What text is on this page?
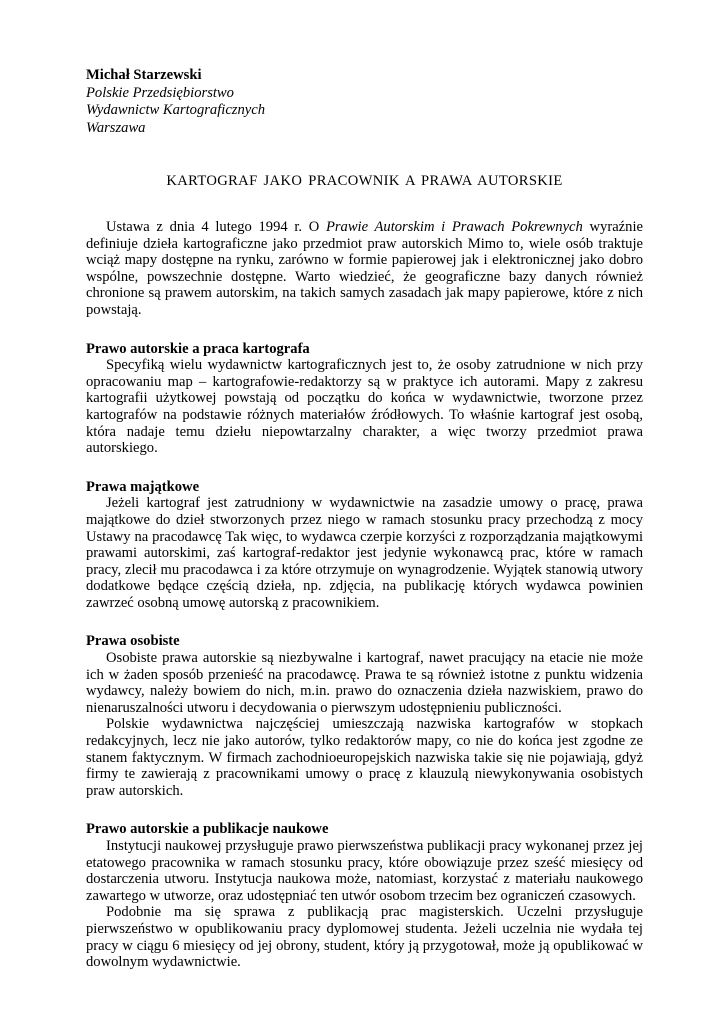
Michał Starzewski
Polskie Przedsiębiorstwo
Wydawnictw Kartograficznych
Warszawa
KARTOGRAF JAKO PRACOWNIK A PRAWA AUTORSKIE

Ustawa z dnia 4 lutego 1994 r. O Prawie Autorskim i Prawach Pokrewnych wyraźnie definiuje dzieła kartograficzne jako przedmiot praw autorskich Mimo to, wiele osób traktuje wciąż mapy dostępne na rynku, zarówno w formie papierowej jak i elektronicznej jako dobro wspólne, powszechnie dostępne. Warto wiedzieć, że geograficzne bazy danych również chronione są prawem autorskim, na takich samych zasadach jak mapy papierowe, które z nich powstają.

Prawo autorskie a praca kartografa

Specyfiką wielu wydawnictw kartograficznych jest to, że osoby zatrudnione w nich przy opracowaniu map – kartografowie-redaktorzy są w praktyce ich autorami. Mapy z zakresu kartografii użytkowej powstają od początku do końca w wydawnictwie, tworzone przez kartografów na podstawie różnych materiałów źródłowych. To właśnie kartograf jest osobą, która nadaje temu dziełu niepowtarzalny charakter, a więc tworzy przedmiot prawa autorskiego.

Prawa majątkowe

Jeżeli kartograf jest zatrudniony w wydawnictwie na zasadzie umowy o pracę, prawa majątkowe do dzieł stworzonych przez niego w ramach stosunku pracy przechodzą z mocy Ustawy na pracodawcę Tak więc, to wydawca czerpie korzyści z rozporządzania majątkowymi prawami autorskimi, zaś kartograf-redaktor jest jedynie wykonawcą prac, które w ramach pracy, zlecił mu pracodawca i za które otrzymuje on wynagrodzenie. Wyjątek stanowią utwory dodatkowe będące częścią dzieła, np. zdjęcia, na publikację których wydawca powinien zawrzeć osobną umowę autorską z pracownikiem.

Prawa osobiste

Osobiste prawa autorskie są niezbywalne i kartograf, nawet pracujący na etacie nie może ich w żaden sposób przenieść na pracodawcę. Prawa te są również istotne z punktu widzenia wydawcy, należy bowiem do nich, m.in. prawo do oznaczenia dzieła nazwiskiem, prawo do nienaruszalności utworu i decydowania o pierwszym udostępnieniu publiczności.

Polskie wydawnictwa najczęściej umieszczają nazwiska kartografów w stopkach redakcyjnych, lecz nie jako autorów, tylko redaktorów mapy, co nie do końca jest zgodne ze stanem faktycznym. W firmach zachodnioeuropejskich nazwiska takie się nie pojawiają, gdyż firmy te zawierają z pracownikami umowy o pracę z klauzulą niewykonywania osobistych praw autorskich.

Prawo autorskie a publikacje naukowe

Instytucji naukowej przysługuje prawo pierwszeństwa publikacji pracy wykonanej przez jej etatowego pracownika w ramach stosunku pracy, które obowiązuje przez sześć miesięcy od dostarczenia utworu. Instytucja naukowa może, natomiast, korzystać z materiału naukowego zawartego w utworze, oraz udostępniać ten utwór osobom trzecim bez ograniczeń czasowych.

Podobnie ma się sprawa z publikacją prac magisterskich. Uczelni przysługuje pierwszeństwo w opublikowaniu pracy dyplomowej studenta. Jeżeli uczelnia nie wydała tej pracy w ciągu 6 miesięcy od jej obrony, student, który ją przygotował, może ją opublikować w dowolnym wydawnictwie.
